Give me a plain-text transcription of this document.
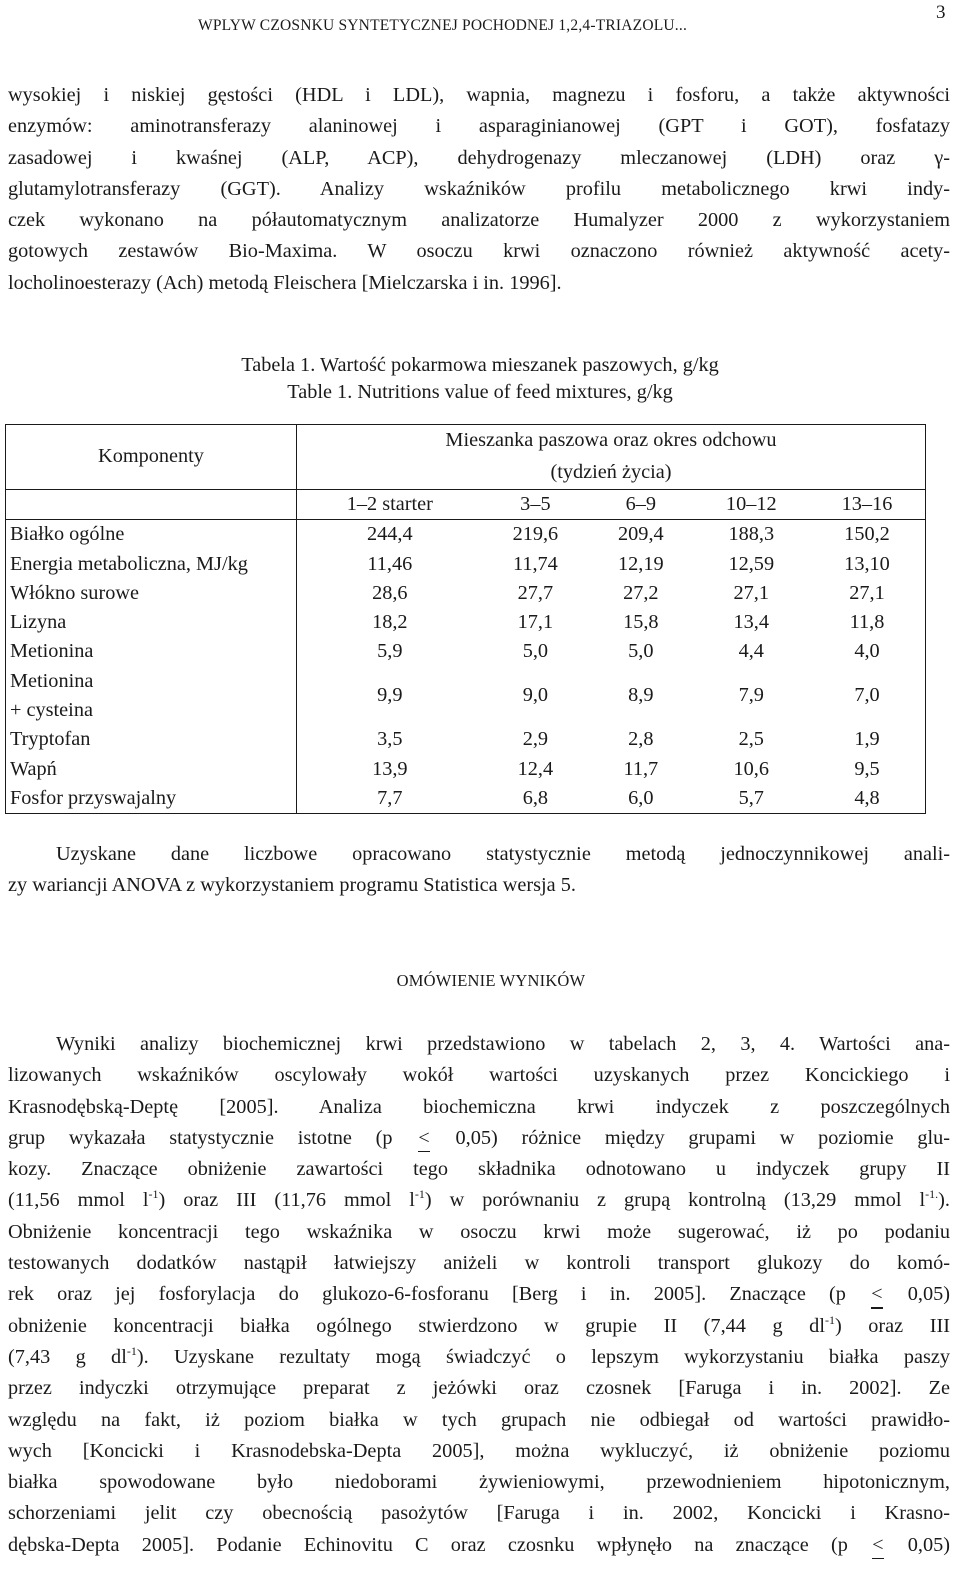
WPLYW CZOSNKU SYNTETYCZNEJ POCHODNEJ 1,2,4-TRIAZOLU...
3
wysokiej i niskiej gęstości (HDL i LDL), wapnia, magnezu i fosforu, a także aktywności
enzymów: aminotransferazy alaninowej i asparaginianowej (GPT i GOT), fosfatazy
zasadowej i kwaśnej (ALP, ACP), dehydrogenazy mleczanowej (LDH) oraz γ-
glutamylotransferazy (GGT). Analizy wskaźników profilu metabolicznego krwi indy-
czek wykonano na półautomatycznym analizatorze Humalyzer 2000 z wykorzystaniem
gotowych zestawów Bio-Maxima. W osoczu krwi oznaczono również aktywność acety-
locholinoesterazy (Ach) metodą Fleischera [Mielczarska i in. 1996].
Tabela 1. Wartość pokarmowa mieszanek paszowych, g/kg
Table 1. Nutritions value of feed mixtures, g/kg
Komponenty	Mieszanka paszowa oraz okres odchowu				
	(tydzień życia)				
	1–2 starter	3–5	6–9	10–12	13–16
Białko ogólne	244,4	219,6	209,4	188,3	150,2
Energia metaboliczna, MJ/kg	11,46	11,74	12,19	12,59	13,10
Włókno surowe	28,6	27,7	27,2	27,1	27,1
Lizyna	18,2	17,1	15,8	13,4	11,8
Metionina	5,9	5,0	5,0	4,4	4,0
Metionina
+ cysteina	9,9	9,0	8,9	7,9	7,0
Tryptofan	3,5	2,9	2,8	2,5	1,9
Wapń	13,9	12,4	11,7	10,6	9,5
Fosfor przyswajalny	7,7	6,8	6,0	5,7	4,8
Uzyskane dane liczbowe opracowano statystycznie metodą jednoczynnikowej anali-
zy wariancji ANOVA z wykorzystaniem programu Statistica wersja 5.
OMÓWIENIE WYNIKÓW
Wyniki analizy biochemicznej krwi przedstawiono w tabelach 2, 3, 4. Wartości ana-
lizowanych wskaźników oscylowały wokół wartości uzyskanych przez Koncickiego i
Krasnodębską-Deptę [2005]. Analiza biochemiczna krwi indyczek z poszczególnych
grup wykazała statystycznie istotne (p < 0,05) różnice między grupami w poziomie glu-
kozy. Znaczące obniżenie zawartości tego składnika odnotowano u indyczek grupy II
(11,56 mmol $l^{-1}$) oraz III (11,76 mmol $l^{-1}$) w porównaniu z grupą kontrolną (13,29 mmol $l^{-1.}$).
Obniżenie koncentracji tego wskaźnika w osoczu krwi może sugerować, iż po podaniu
testowanych dodatków nastąpił łatwiejszy aniżeli w kontroli transport glukozy do komó-
rek oraz jej fosforylacja do glukozo-6-fosforanu [Berg i in. 2005]. Znaczące (p < 0,05)
obniżenie koncentracji białka ogólnego stwierdzono w grupie II (7,44 g $dl^{-1}$) oraz III
(7,43 g $dl^{-1}$). Uzyskane rezultaty mogą świadczyć o lepszym wykorzystaniu białka paszy
przez indyczki otrzymujące preparat z jeżówki oraz czosnek [Faruga i in. 2002]. Ze
względu na fakt, iż poziom białka w tych grupach nie odbiegał od wartości prawidło-
wych [Koncicki i Krasnodebska-Depta 2005], można wykluczyć, iż obniżenie poziomu
białka spowodowane było niedoborami żywieniowymi, przewodnieniem hipotonicznym,
schorzeniami jelit czy obecnością pasożytów [Faruga i in. 2002, Koncicki i Krasno-
dębska-Depta 2005]. Podanie Echinovitu C oraz czosnku wpłynęło na znaczące (p < 0,05)
